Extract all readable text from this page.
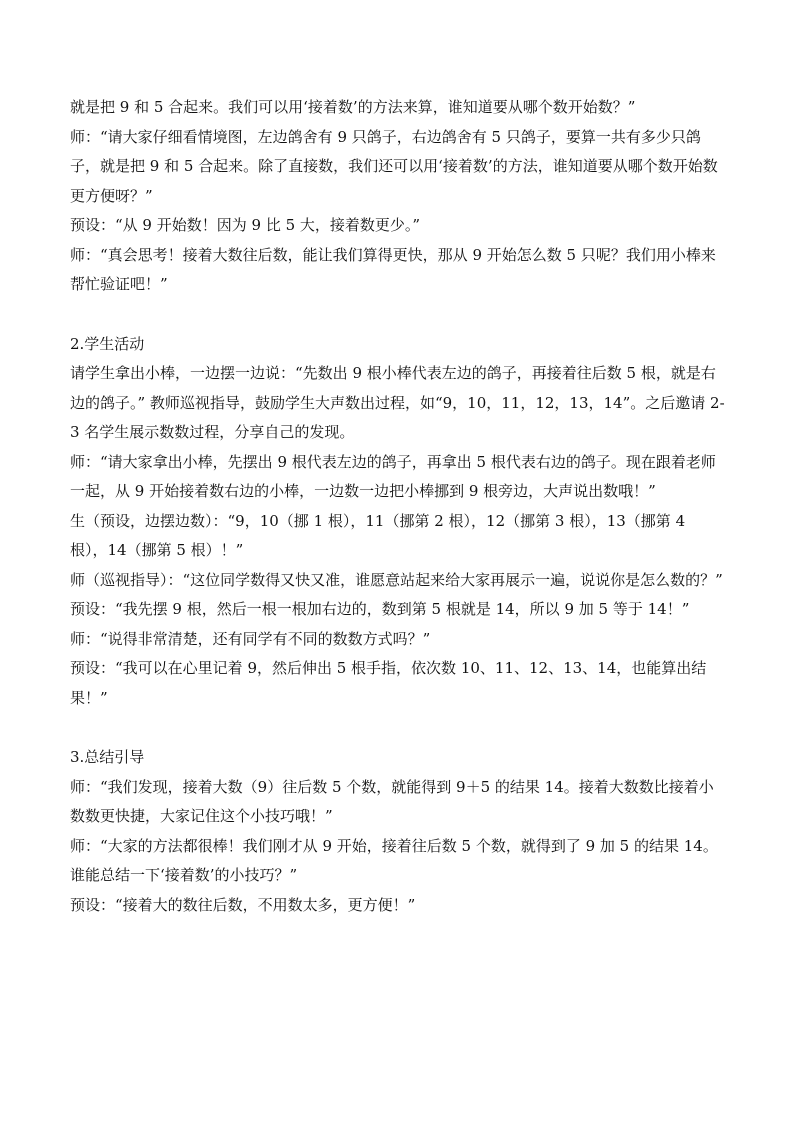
就是把 9 和 5 合起来。我们可以用‘接着数’的方法来算，谁知道要从哪个数开始数？”

师：“请大家仔细看情境图，左边鸽舍有 9 只鸽子，右边鸽舍有 5 只鸽子，要算一共有多少只鸽子，就是把 9 和 5 合起来。除了直接数，我们还可以用‘接着数’的方法，谁知道要从哪个数开始数更方便呀？”

预设：“从 9 开始数！因为 9 比 5 大，接着数更少。”

师：“真会思考！接着大数往后数，能让我们算得更快，那从 9 开始怎么数 5 只呢？我们用小棒来帮忙验证吧！”

2.学生活动

请学生拿出小棒，一边摆一边说：“先数出 9 根小棒代表左边的鸽子，再接着往后数 5 根，就是右边的鸽子。” 教师巡视指导，鼓励学生大声数出过程，如“9，10，11，12，13，14”。之后邀请 2-3 名学生展示数数过程，分享自己的发现。

师：“请大家拿出小棒，先摆出 9 根代表左边的鸽子，再拿出 5 根代表右边的鸽子。现在跟着老师一起，从 9 开始接着数右边的小棒，一边数一边把小棒挪到 9 根旁边，大声说出数哦！”

生（预设，边摆边数）：“9，10（挪 1 根），11（挪第 2 根），12（挪第 3 根），13（挪第 4 根），14（挪第 5 根）！”

师（巡视指导）：“这位同学数得又快又准，谁愿意站起来给大家再展示一遍，说说你是怎么数的？”

预设：“我先摆 9 根，然后一根一根加右边的，数到第 5 根就是 14，所以 9 加 5 等于 14！”

师：“说得非常清楚，还有同学有不同的数数方式吗？”

预设：“我可以在心里记着 9，然后伸出 5 根手指，依次数 10、11、12、13、14，也能算出结果！”

3.总结引导

师：“我们发现，接着大数（9）往后数 5 个数，就能得到 9＋5 的结果 14。接着大数数比接着小数数更快捷，大家记住这个小技巧哦！”

师：“大家的方法都很棒！我们刚才从 9 开始，接着往后数 5 个数，就得到了 9 加 5 的结果 14。谁能总结一下‘接着数’的小技巧？”

预设：“接着大的数往后数，不用数太多，更方便！”
